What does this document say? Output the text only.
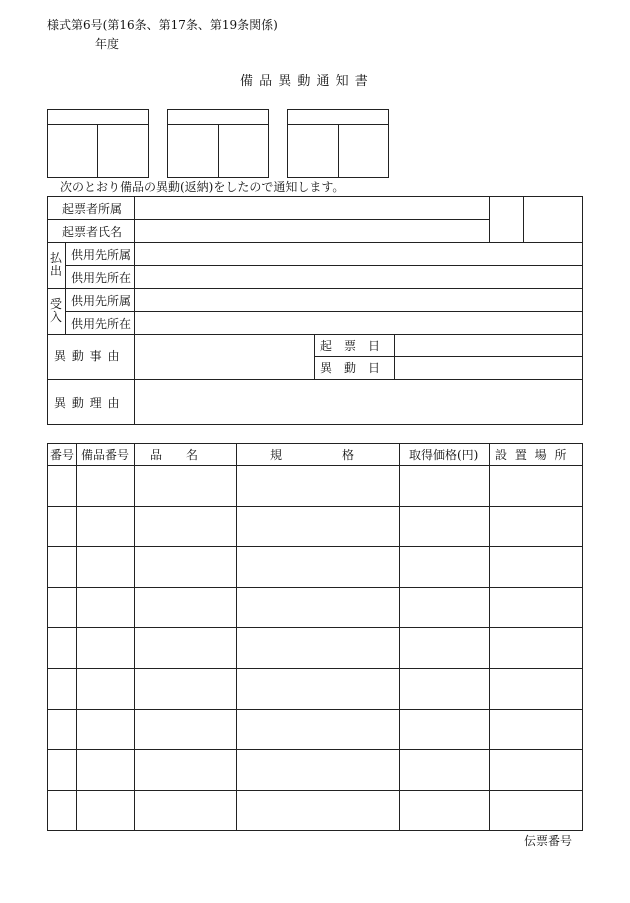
様式第6号(第16条、第17条、第19条関係)
年度
備 品 異 動 通 知 書
次のとおり備品の異動(返納)をしたので通知します。
起票者所属
起票者氏名
払出
供用先所属
供用先所在
受入
供用先所属
供用先所在
異 動 事 由
起　票　日
異　動　日
異 動 理 由
番号 備品番号 品　　名	規　　　　　格	取得価格(円) 設 置 場 所
伝票番号
